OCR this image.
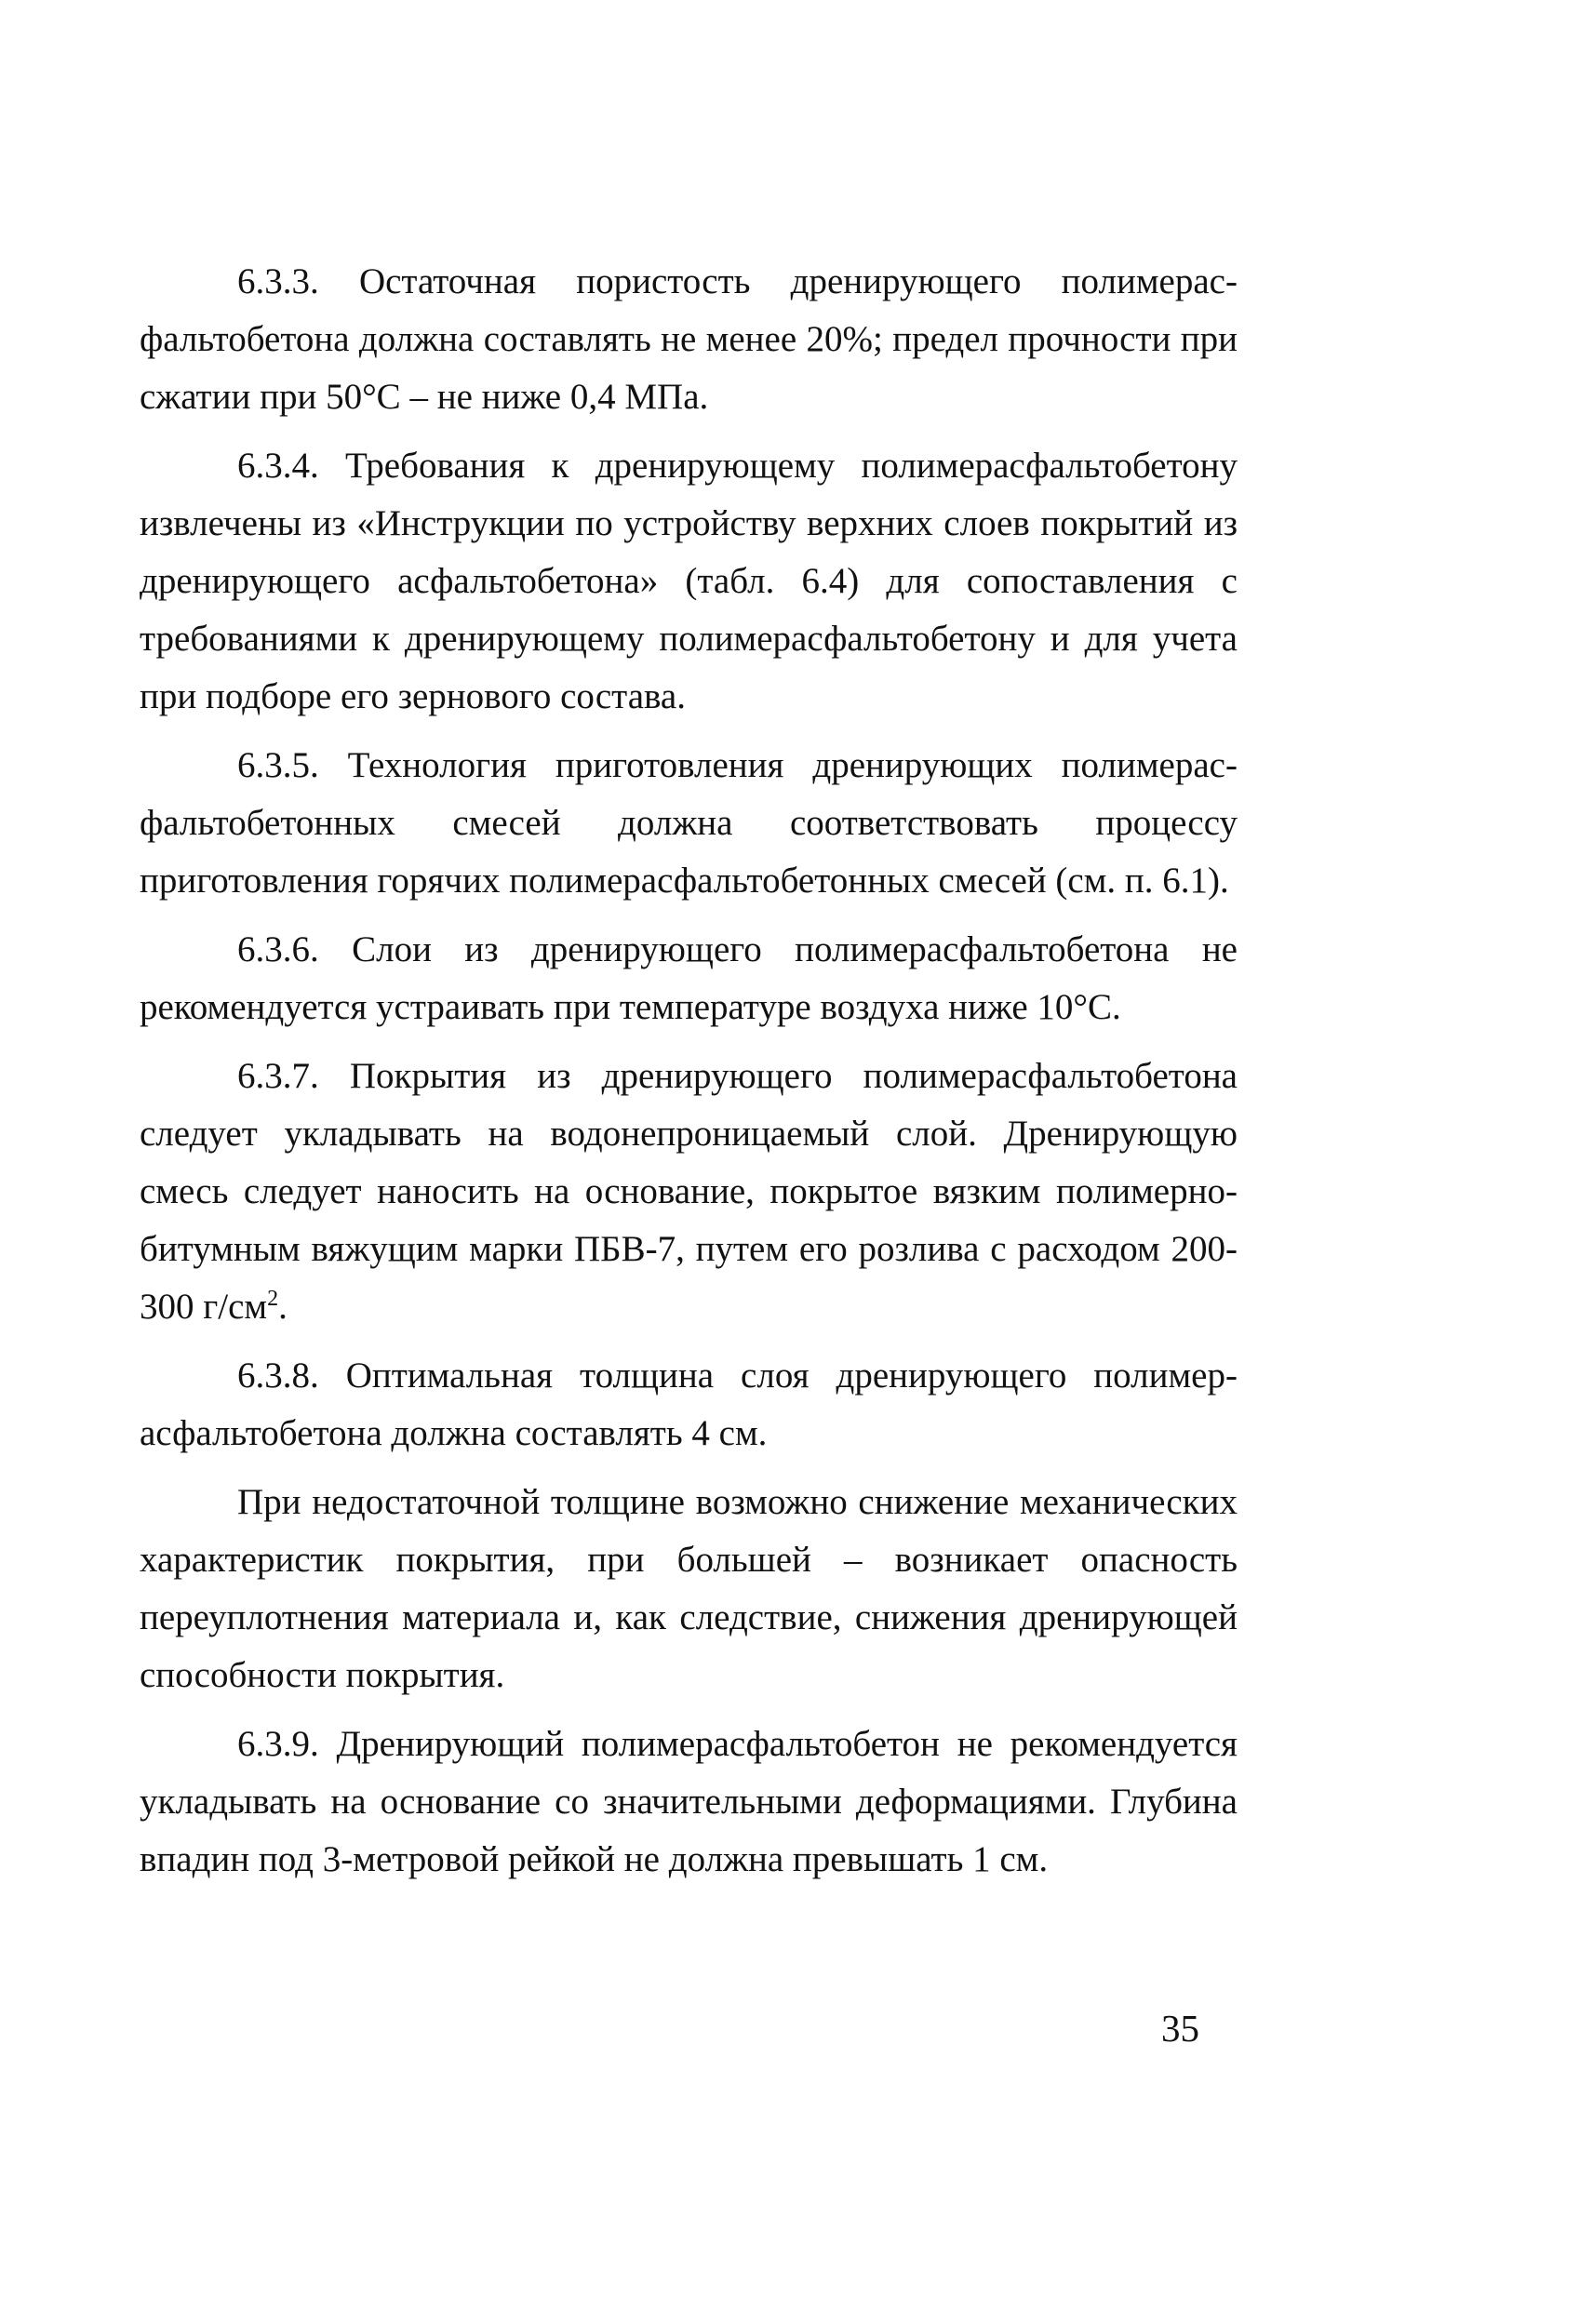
6.3.3. Остаточная пористость дренирующего полимерасфальтобетона должна составлять не менее 20%; предел прочности при сжатии при 50°С – не ниже 0,4 МПа.

6.3.4. Требования к дренирующему полимерасфальтобетону извлечены из «Инструкции по устройству верхних слоев покрытий из дренирующего асфальтобетона» (табл. 6.4) для сопоставления с требованиями к дренирующему полимерасфальтобетону и для учета при подборе его зернового состава.

6.3.5. Технология приготовления дренирующих полимерасфальтобетонных смесей должна соответствовать процессу приготовления горячих полимерасфальтобетонных смесей (см. п. 6.1).

6.3.6. Слои из дренирующего полимерасфальтобетона не рекомендуется устраивать при температуре воздуха ниже 10°С.

6.3.7. Покрытия из дренирующего полимерасфальтобетона следует укладывать на водонепроницаемый слой. Дренирующую смесь следует наносить на основание, покрытое вязким полимернобитумным вяжущим марки ПБВ-7, путем его розлива с расходом 200-300 $г/см^2$.

6.3.8. Оптимальная толщина слоя дренирующего полимерасфальтобетона должна составлять 4 см.

При недостаточной толщине возможно снижение механических характеристик покрытия, при большей – возникает опасность переуплотнения материала и, как следствие, снижения дренирующей способности покрытия.

6.3.9. Дренирующий полимерасфальтобетон не рекомендуется укладывать на основание со значительными деформациями. Глубина впадин под 3-метровой рейкой не должна превышать 1 см.

35
